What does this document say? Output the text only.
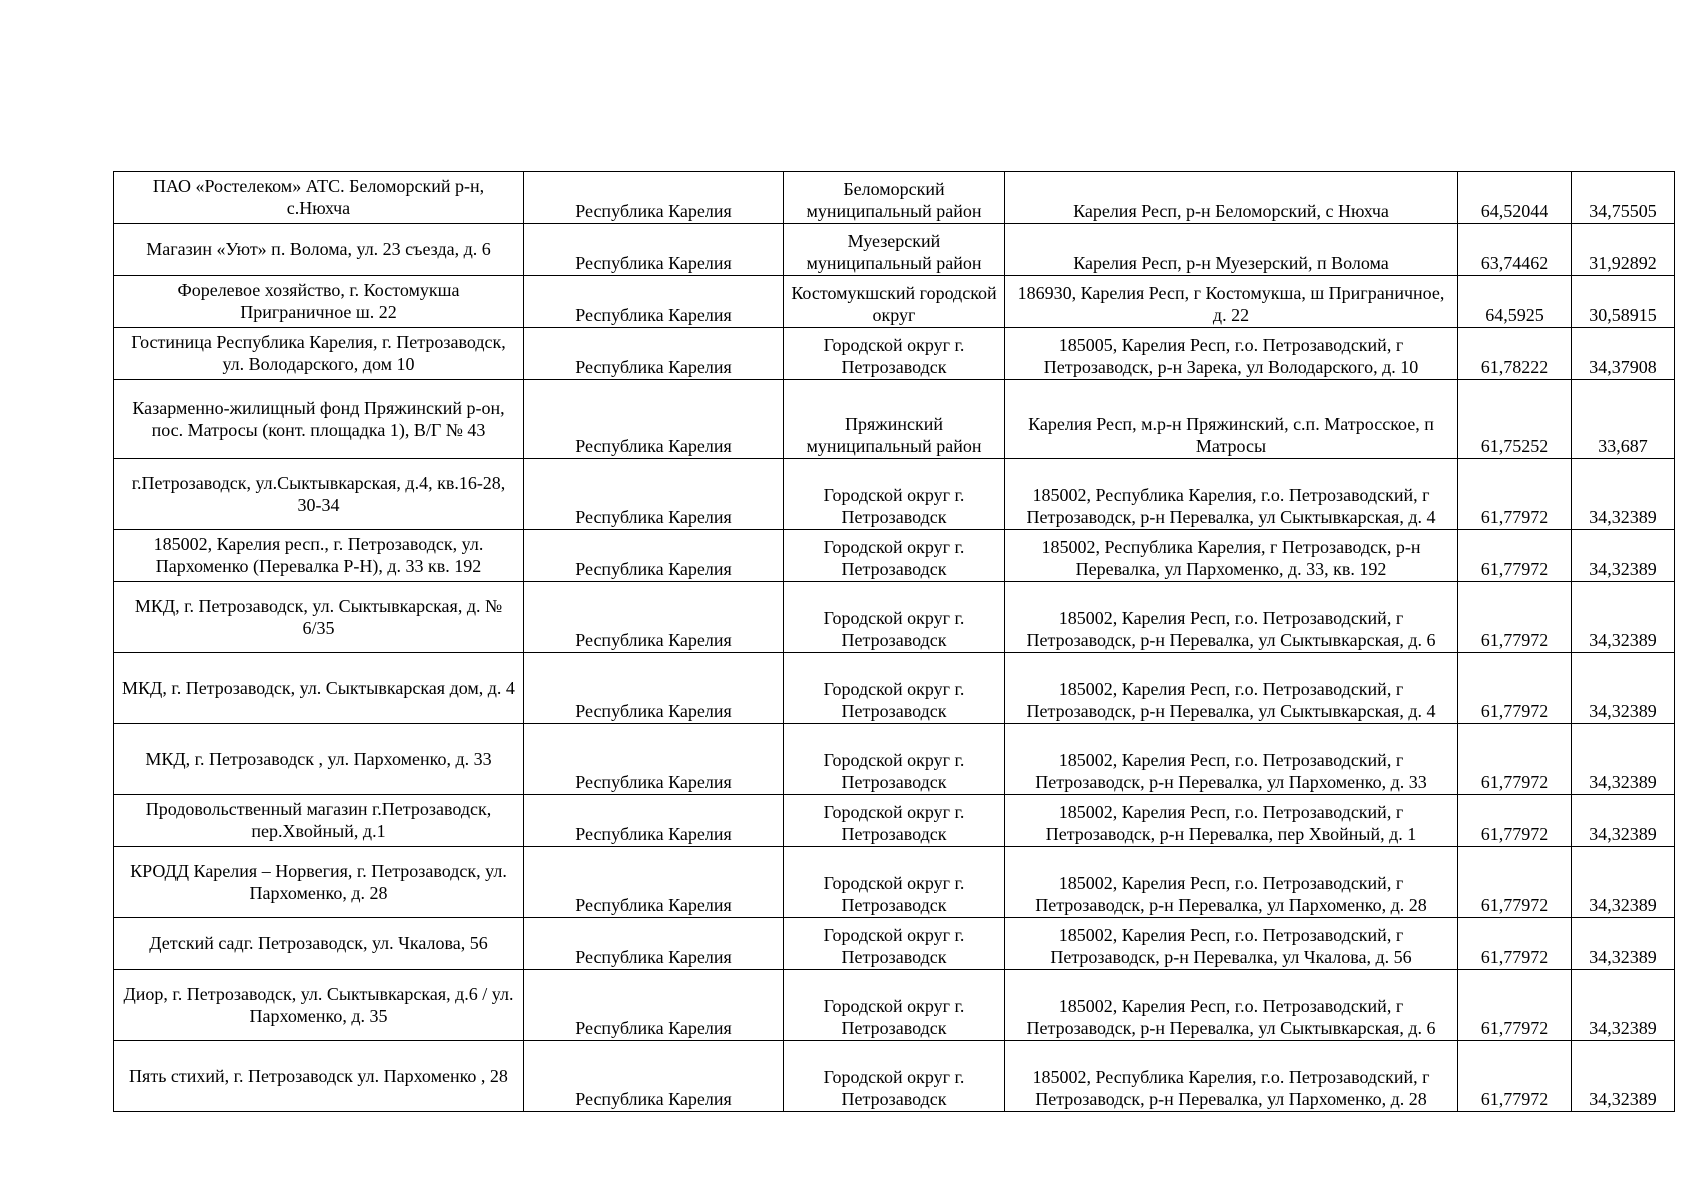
ПАО «Ростелеком» АТС. Беломорский р-н, с.Нюхча	Республика Карелия	Беломорский муниципальный район	Карелия Респ, р-н Беломорский, с Нюхча	64,52044	34,75505
Магазин «Уют» п. Волома, ул. 23 съезда, д. 6	Республика Карелия	Муезерский муниципальный район	Карелия Респ, р-н Муезерский, п Волома	63,74462	31,92892
Форелевое хозяйство, г. Костомукша Приграничное ш. 22	Республика Карелия	Костомукшский городской округ	186930, Карелия Респ, г Костомукша, ш Приграничное, д. 22	64,5925	30,58915
Гостиница Республика Карелия, г. Петрозаводск, ул. Володарского, дом 10	Республика Карелия	Городской округ г. Петрозаводск	185005, Карелия Респ, г.о. Петрозаводский, г Петрозаводск, р-н Зарека, ул Володарского, д. 10	61,78222	34,37908
Казарменно-жилищный фонд Пряжинский р-он, пос. Матросы (конт. площадка 1), В/Г № 43	Республика Карелия	Пряжинский муниципальный район	Карелия Респ, м.р-н Пряжинский, с.п. Матросское, п Матросы	61,75252	33,687
г.Петрозаводск, ул.Сыктывкарская, д.4, кв.16-28, 30-34	Республика Карелия	Городской округ г. Петрозаводск	185002, Республика Карелия, г.о. Петрозаводский, г Петрозаводск, р-н Перевалка, ул Сыктывкарская, д. 4	61,77972	34,32389
185002, Карелия респ., г. Петрозаводск, ул. Пархоменко (Перевалка Р-Н), д. 33 кв. 192	Республика Карелия	Городской округ г. Петрозаводск	185002, Республика Карелия, г Петрозаводск, р-н Перевалка, ул Пархоменко, д. 33, кв. 192	61,77972	34,32389
МКД, г. Петрозаводск, ул. Сыктывкарская, д. № 6/35	Республика Карелия	Городской округ г. Петрозаводск	185002, Карелия Респ, г.о. Петрозаводский, г Петрозаводск, р-н Перевалка, ул Сыктывкарская, д. 6	61,77972	34,32389
МКД, г. Петрозаводск, ул. Сыктывкарская дом, д. 4	Республика Карелия	Городской округ г. Петрозаводск	185002, Карелия Респ, г.о. Петрозаводский, г Петрозаводск, р-н Перевалка, ул Сыктывкарская, д. 4	61,77972	34,32389
МКД, г. Петрозаводск , ул. Пархоменко, д. 33	Республика Карелия	Городской округ г. Петрозаводск	185002, Карелия Респ, г.о. Петрозаводский, г Петрозаводск, р-н Перевалка, ул Пархоменко, д. 33	61,77972	34,32389
Продовольственный магазин г.Петрозаводск, пер.Хвойный, д.1	Республика Карелия	Городской округ г. Петрозаводск	185002, Карелия Респ, г.о. Петрозаводский, г Петрозаводск, р-н Перевалка, пер Хвойный, д. 1	61,77972	34,32389
КРОДД Карелия – Норвегия, г. Петрозаводск, ул. Пархоменко, д. 28	Республика Карелия	Городской округ г. Петрозаводск	185002, Карелия Респ, г.о. Петрозаводский, г Петрозаводск, р-н Перевалка, ул Пархоменко, д. 28	61,77972	34,32389
Детский садг. Петрозаводск, ул. Чкалова, 56	Республика Карелия	Городской округ г. Петрозаводск	185002, Карелия Респ, г.о. Петрозаводский, г Петрозаводск, р-н Перевалка, ул Чкалова, д. 56	61,77972	34,32389
Диор, г. Петрозаводск, ул. Сыктывкарская, д.6 / ул. Пархоменко, д. 35	Республика Карелия	Городской округ г. Петрозаводск	185002, Карелия Респ, г.о. Петрозаводский, г Петрозаводск, р-н Перевалка, ул Сыктывкарская, д. 6	61,77972	34,32389
Пять стихий, г. Петрозаводск ул. Пархоменко , 28	Республика Карелия	Городской округ г. Петрозаводск	185002, Республика Карелия, г.о. Петрозаводский, г Петрозаводск, р-н Перевалка, ул Пархоменко, д. 28	61,77972	34,32389
